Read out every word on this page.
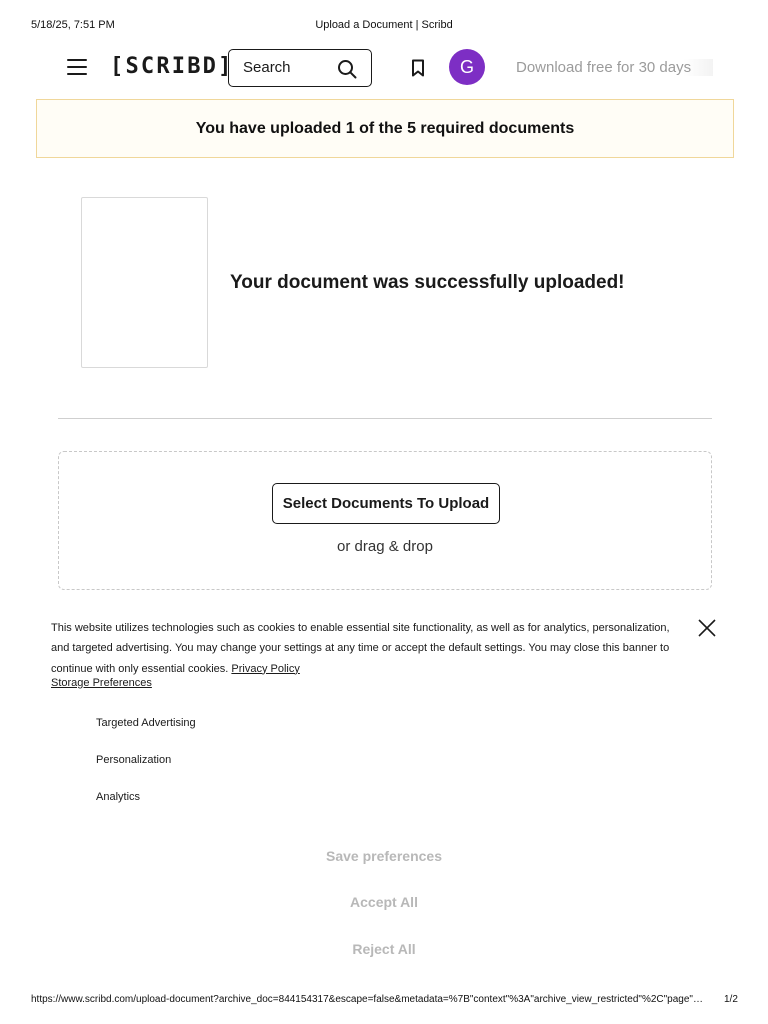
5/18/25, 7:51 PM	Upload a Document | Scribd
[SCRIBD]
Search	G	Download free for 30 days
You have uploaded 1 of the 5 required documents
Your document was successfully uploaded!
Select Documents To Upload
or drag & drop
This website utilizes technologies such as cookies to enable essential site functionality, as well as for analytics, personalization, and targeted advertising. You may change your settings at any time or accept the default settings. You may close this banner to continue with only essential cookies. Privacy Policy
Storage Preferences
Targeted Advertising
Personalization
Analytics
Save preferences
Accept All
Reject All
https://www.scribd.com/upload-document?archive_doc=844154317&escape=false&metadata=%7B"context"%3A"archive_view_restricted"%2C"page"…	1/2
